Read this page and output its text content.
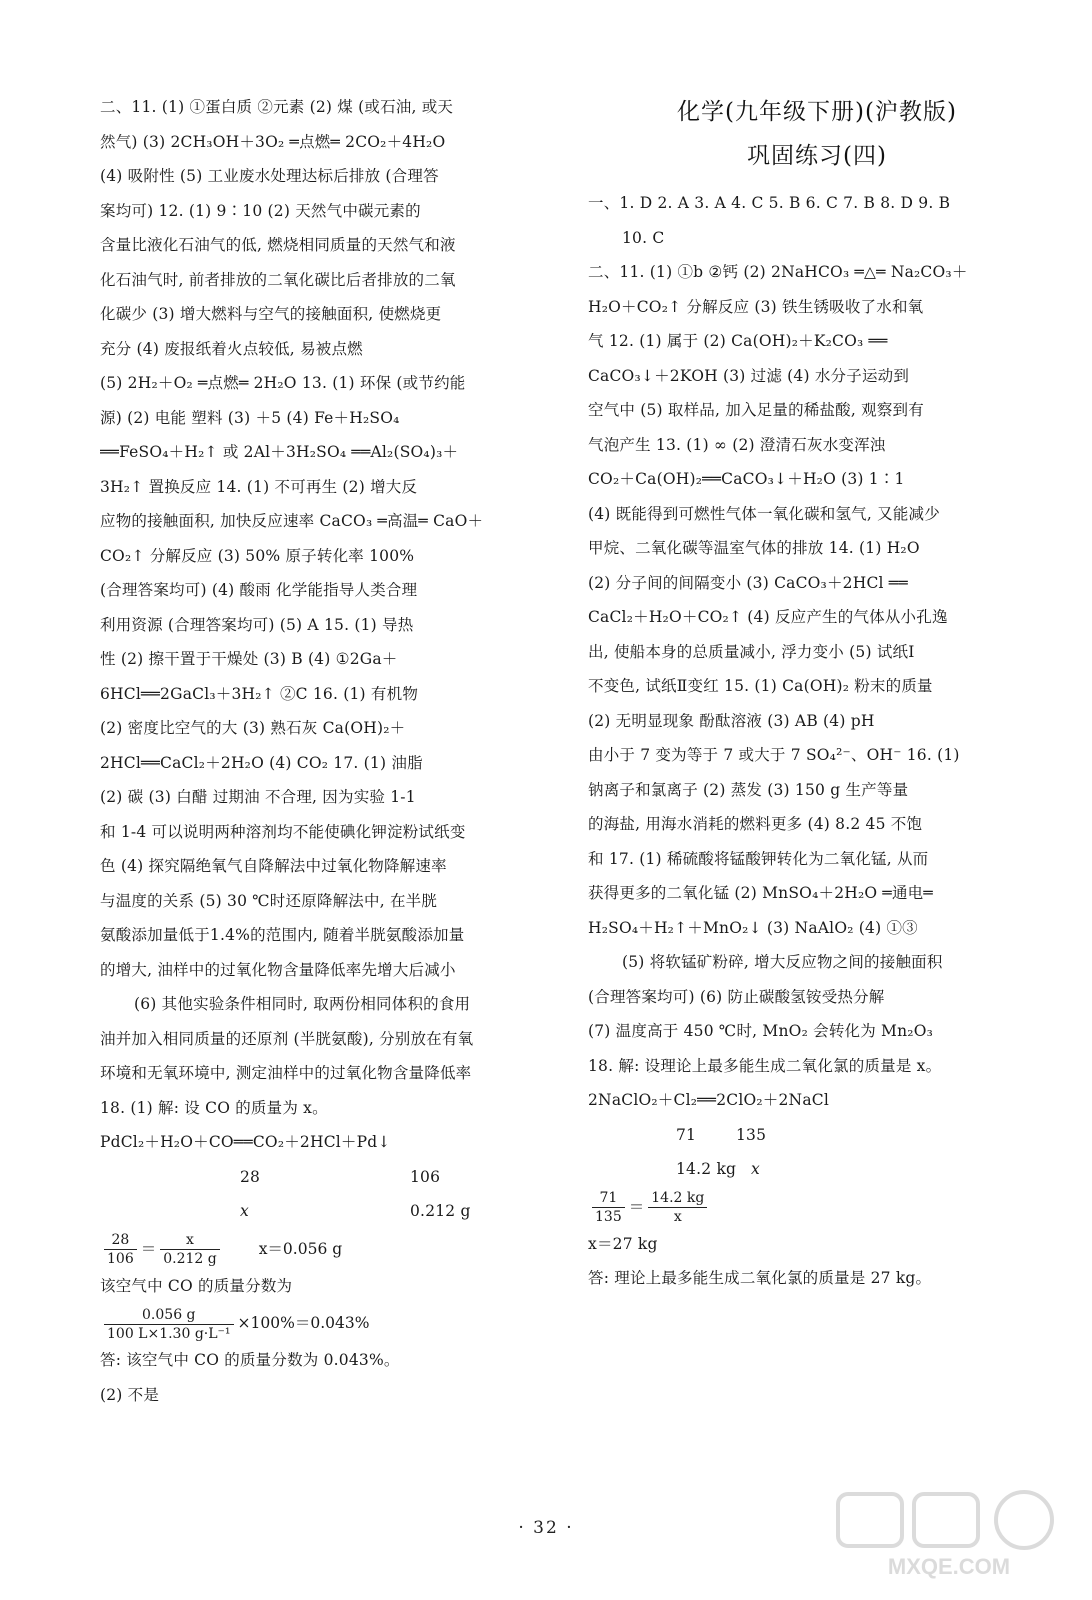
二、11. (1) ①蛋白质 ②元素 (2) 煤 (或石油, 或天
然气) (3) 2CH₃OH＋3O₂ ═点燃═ 2CO₂＋4H₂O
(4) 吸附性 (5) 工业废水处理达标后排放 (合理答
案均可) 12. (1) 9∶10 (2) 天然气中碳元素的
含量比液化石油气的低, 燃烧相同质量的天然气和液
化石油气时, 前者排放的二氧化碳比后者排放的二氧
化碳少 (3) 增大燃料与空气的接触面积, 使燃烧更
充分 (4) 废报纸着火点较低, 易被点燃
(5) 2H₂＋O₂ ═点燃═ 2H₂O 13. (1) 环保 (或节约能
源) (2) 电能 塑料 (3) ＋5 (4) Fe＋H₂SO₄
══FeSO₄＋H₂↑ 或 2Al＋3H₂SO₄ ══Al₂(SO₄)₃＋
3H₂↑ 置换反应 14. (1) 不可再生 (2) 增大反
应物的接触面积, 加快反应速率 CaCO₃ ═高温═ CaO＋
CO₂↑ 分解反应 (3) 50% 原子转化率 100%
(合理答案均可) (4) 酸雨 化学能指导人类合理
利用资源 (合理答案均可) (5) A 15. (1) 导热
性 (2) 擦干置于干燥处 (3) B (4) ①2Ga＋
6HCl══2GaCl₃＋3H₂↑ ②C 16. (1) 有机物
(2) 密度比空气的大 (3) 熟石灰 Ca(OH)₂＋
2HCl══CaCl₂＋2H₂O (4) CO₂ 17. (1) 油脂
(2) 碳 (3) 白醋 过期油 不合理, 因为实验 1-1
和 1-4 可以说明两种溶剂均不能使碘化钾淀粉试纸变
色 (4) 探究隔绝氧气自降解法中过氧化物降解速率
与温度的关系 (5) 30 ℃时还原降解法中, 在半胱
氨酸添加量低于1.4%的范围内, 随着半胱氨酸添加量
的增大, 油样中的过氧化物含量降低率先增大后减小
(6) 其他实验条件相同时, 取两份相同体积的食用
油并加入相同质量的还原剂 (半胱氨酸), 分别放在有氧
环境和无氧环境中, 测定油样中的过氧化物含量降低率
18. (1) 解: 设 CO 的质量为 x。
PdCl₂＋H₂O＋CO══CO₂＋2HCl＋Pd↓
28	106
x	0.212 g
$\frac{28}{106} = \frac{x}{0.212 g}$	x＝0.056 g
该空气中 CO 的质量分数为
$\frac{0.056 g}{\text{100 L×1.30 g·L⁻¹}} \times 100\%=0.043\%$
答: 该空气中 CO 的质量分数为 0.043%。
(2) 不是
化学(九年级下册)(沪教版)
巩固练习(四)
一、1. D 2. A 3. A 4. C 5. B 6. C 7. B 8. D 9. B
10. C
二、11. (1) ①b ②钙 (2) 2NaHCO₃ ═△═ Na₂CO₃＋
H₂O＋CO₂↑ 分解反应 (3) 铁生锈吸收了水和氧
气 12. (1) 属于 (2) Ca(OH)₂＋K₂CO₃ ══
CaCO₃↓＋2KOH (3) 过滤 (4) 水分子运动到
空气中 (5) 取样品, 加入足量的稀盐酸, 观察到有
气泡产生 13. (1) ∞ (2) 澄清石灰水变浑浊
CO₂＋Ca(OH)₂══CaCO₃↓＋H₂O (3) 1∶1
(4) 既能得到可燃性气体一氧化碳和氢气, 又能减少
甲烷、二氧化碳等温室气体的排放 14. (1) H₂O
(2) 分子间的间隔变小 (3) CaCO₃＋2HCl ══
CaCl₂＋H₂O＋CO₂↑ (4) 反应产生的气体从小孔逸
出, 使船本身的总质量减小, 浮力变小 (5) 试纸Ⅰ
不变色, 试纸Ⅱ变红 15. (1) Ca(OH)₂ 粉末的质量
(2) 无明显现象 酚酞溶液 (3) AB (4) pH
由小于 7 变为等于 7 或大于 7 SO₄²⁻、OH⁻ 16. (1)
钠离子和氯离子 (2) 蒸发 (3) 150 g 生产等量
的海盐, 用海水消耗的燃料更多 (4) 8.2 45 不饱
和 17. (1) 稀硫酸将锰酸钾转化为二氧化锰, 从而
获得更多的二氧化锰 (2) MnSO₄＋2H₂O ═通电═
H₂SO₄＋H₂↑＋MnO₂↓ (3) NaAlO₂ (4) ①③
(5) 将软锰矿粉碎, 增大反应物之间的接触面积
(合理答案均可) (6) 防止碳酸氢铵受热分解
(7) 温度高于 450 ℃时, MnO₂ 会转化为 Mn₂O₃
18. 解: 设理论上最多能生成二氧化氯的质量是 x。
2NaClO₂＋Cl₂══2ClO₂＋2NaCl
71	135
14.2 kg x
$\frac{71}{135} = \frac{14.2 kg}{x}$
x＝27 kg
答: 理论上最多能生成二氧化氯的质量是 27 kg。
· 32 ·
MXQE.COM
